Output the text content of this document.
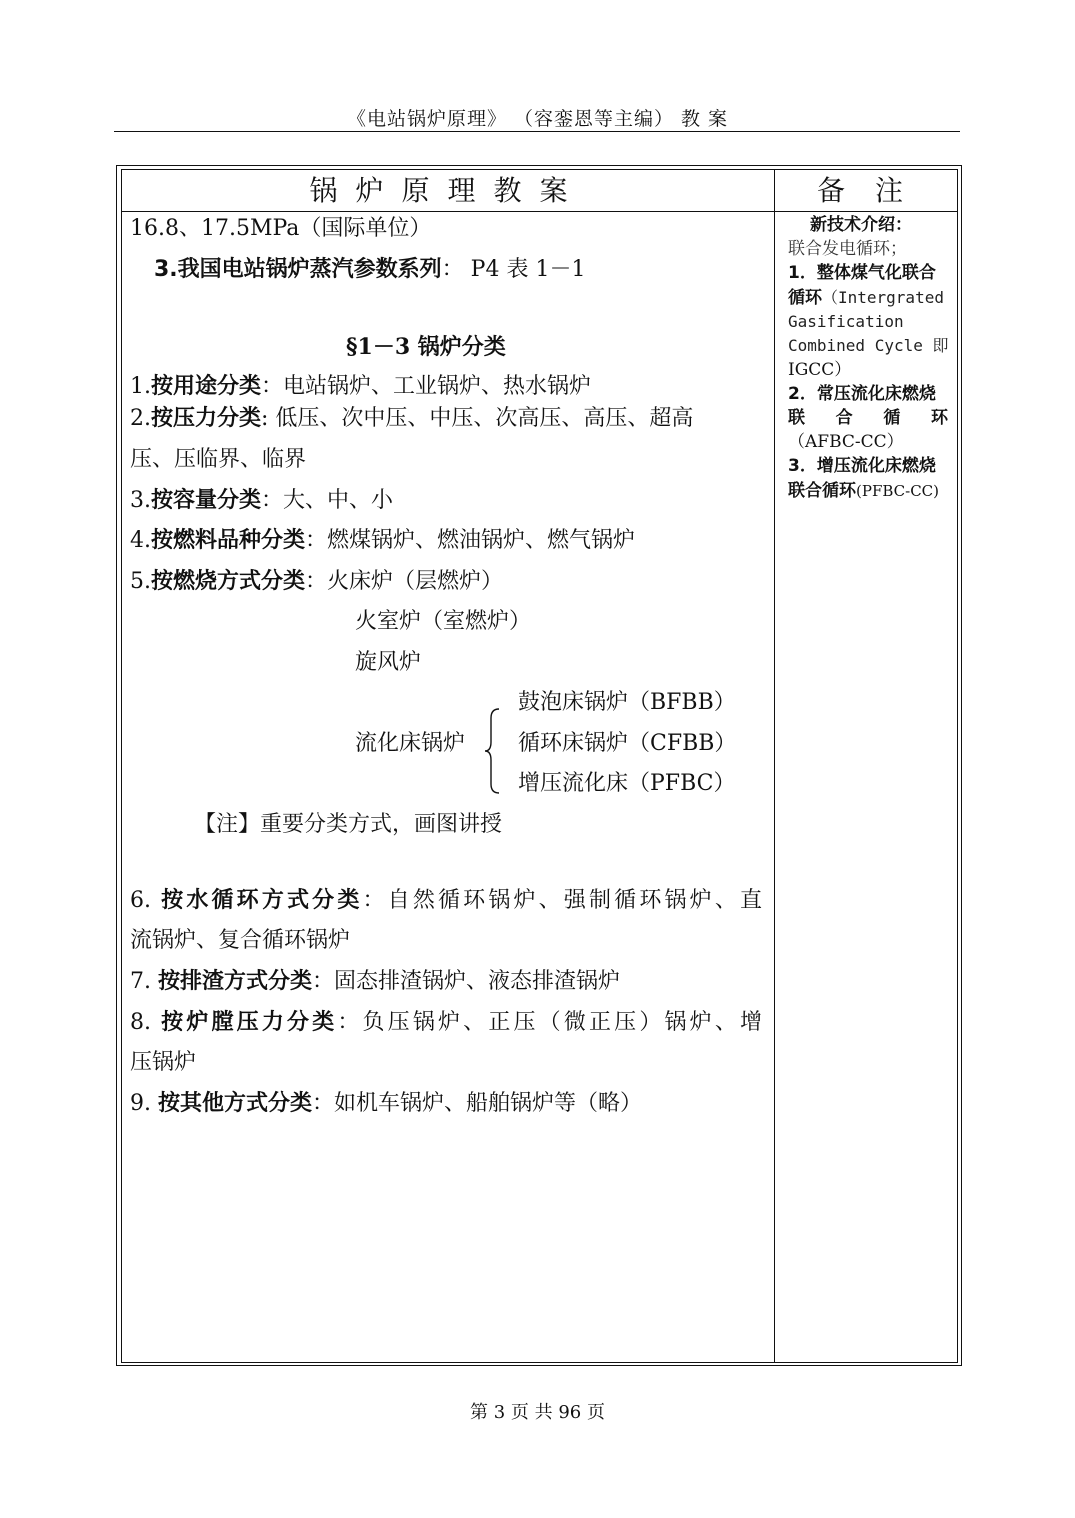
《电站锅炉原理》 （容銮恩等主编） 教 案
锅炉原理教案	备注
16.8、17.5MPa（国际单位）
3.我国电站锅炉蒸汽参数系列： P4 表 1－1
§1－3 锅炉分类
1.按用途分类：电站锅炉、工业锅炉、热水锅炉
2.按压力分类: 低压、次中压、中压、次高压、高压、超高
压、压临界、临界
3.按容量分类：大、中、小
4.按燃料品种分类：燃煤锅炉、燃油锅炉、燃气锅炉
5.按燃烧方式分类：火床炉（层燃炉）
火室炉（室燃炉）
旋风炉
鼓泡床锅炉（BFBB）
流化床锅炉 循环床锅炉（CFBB）
增压流化床（PFBC）
【注】重要分类方式，画图讲授
6. 按水循环方式分类：自然循环锅炉、强制循环锅炉、直
流锅炉、复合循环锅炉
7. 按排渣方式分类：固态排渣锅炉、液态排渣锅炉
8. 按炉膛压力分类：负压锅炉、正压（微正压）锅炉、增
压锅炉
9. 按其他方式分类：如机车锅炉、船舶锅炉等（略）
新技术介绍：
联合发电循环；
1．整体煤气化联合
循环（Intergrated
Gasification
Combined Cycle 即
IGCC）
2．常压流化床燃烧
联 合 循 环
（AFBC-CC）
3．增压流化床燃烧
联合循环(PFBC-CC)
第 3 页 共 96 页
